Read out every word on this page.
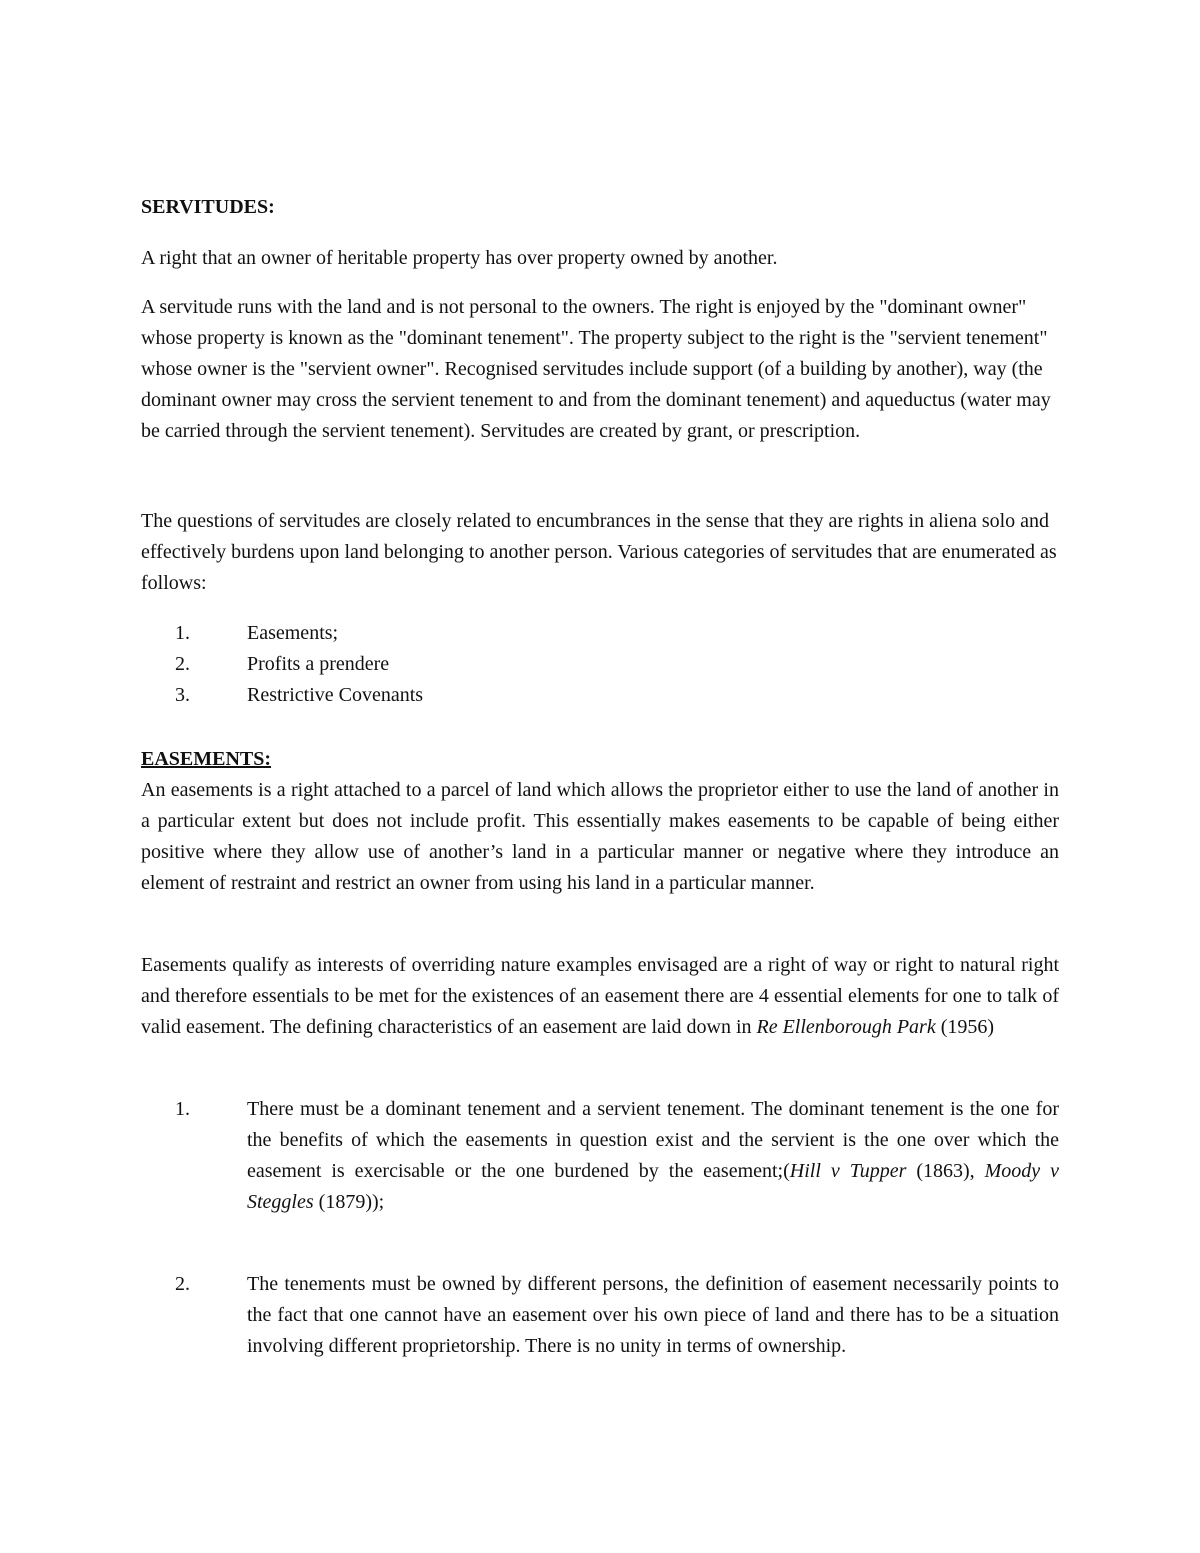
SERVITUDES:

A right that an owner of heritable property has over property owned by another.

A servitude runs with the land and is not personal to the owners. The right is enjoyed by the "dominant owner" whose property is known as the "dominant tenement". The property subject to the right is the "servient tenement" whose owner is the "servient owner". Recognised servitudes include support (of a building by another), way (the dominant owner may cross the servient tenement to and from the dominant tenement) and aqueductus (water may be carried through the servient tenement). Servitudes are created by grant, or prescription.

The questions of servitudes are closely related to encumbrances in the sense that they are rights in aliena solo and effectively burdens upon land belonging to another person. Various categories of servitudes that are enumerated as follows:

1.	Easements;
2.	Profits a prendere
3.	Restrictive Covenants

EASEMENTS:

An easements is a right attached to a parcel of land which allows the proprietor either to use the land of another in a particular extent but does not include profit. This essentially makes easements to be capable of being either positive where they allow use of another’s land in a particular manner or negative where they introduce an element of restraint and restrict an owner from using his land in a particular manner.

Easements qualify as interests of overriding nature examples envisaged are a right of way or right to natural right and therefore essentials to be met for the existences of an easement there are 4 essential elements for one to talk of valid easement. The defining characteristics of an easement are laid down in Re Ellenborough Park (1956)

1.	There must be a dominant tenement and a servient tenement. The dominant tenement is the one for the benefits of which the easements in question exist and the servient is the one over which the easement is exercisable or the one burdened by the easement;(Hill v Tupper (1863), Moody v Steggles (1879));
2.	The tenements must be owned by different persons, the definition of easement necessarily points to the fact that one cannot have an easement over his own piece of land and there has to be a situation involving different proprietorship. There is no unity in terms of ownership.
